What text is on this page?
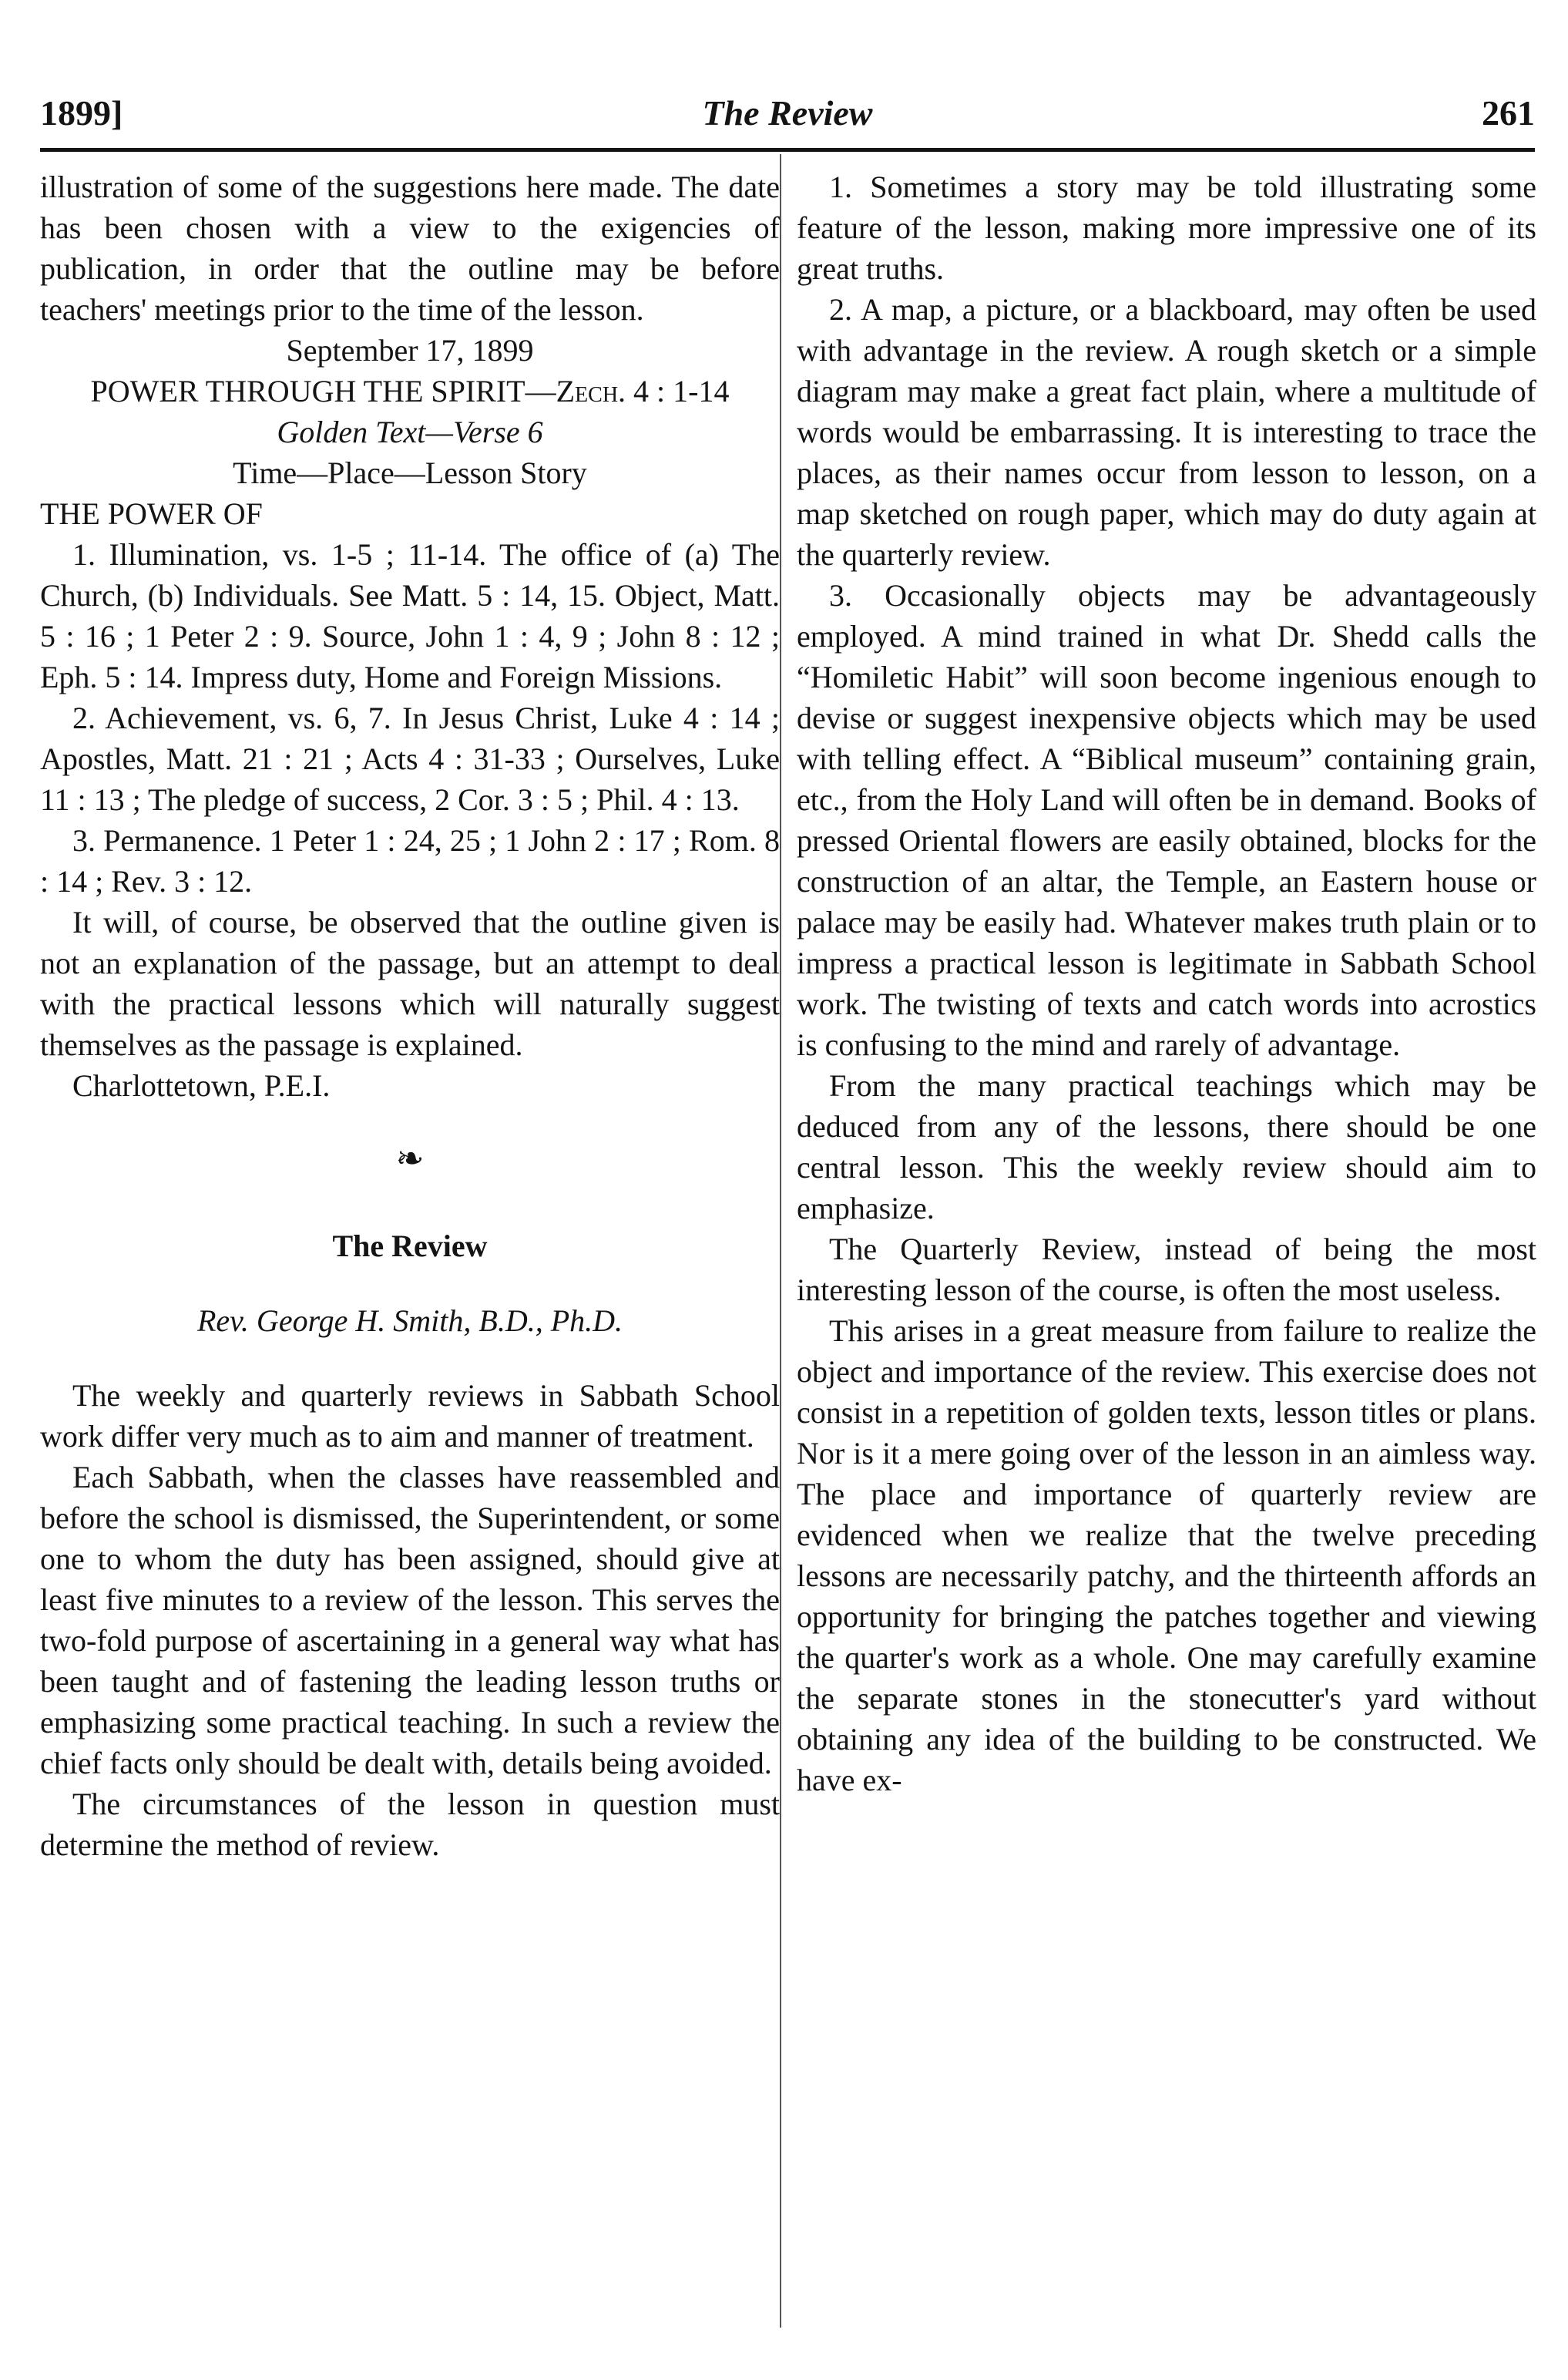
1899]	The Review	261

illustration of some of the suggestions here made. The date has been chosen with a view to the exigencies of publication, in order that the outline may be before teachers' meetings prior to the time of the lesson.

September 17, 1899

POWER THROUGH THE SPIRIT—Zech. 4 : 1-14

Golden Text—Verse 6

Time—Place—Lesson Story

THE POWER OF

1. Illumination, vs. 1-5 ; 11-14. The office of (a) The Church, (b) Individuals. See Matt. 5 : 14, 15. Object, Matt. 5 : 16 ; 1 Peter 2 : 9. Source, John 1 : 4, 9 ; John 8 : 12 ; Eph. 5 : 14. Impress duty, Home and Foreign Missions.

2. Achievement, vs. 6, 7. In Jesus Christ, Luke 4 : 14 ; Apostles, Matt. 21 : 21 ; Acts 4 : 31-33 ; Ourselves, Luke 11 : 13 ; The pledge of success, 2 Cor. 3 : 5 ; Phil. 4 : 13.

3. Permanence. 1 Peter 1 : 24, 25 ; 1 John 2 : 17 ; Rom. 8 : 14 ; Rev. 3 : 12.

It will, of course, be observed that the outline given is not an explanation of the passage, but an attempt to deal with the practical lessons which will naturally suggest themselves as the passage is explained.

Charlottetown, P.E.I.

❧

The Review

Rev. George H. Smith, B.D., Ph.D.

The weekly and quarterly reviews in Sabbath School work differ very much as to aim and manner of treatment.

Each Sabbath, when the classes have reassembled and before the school is dismissed, the Superintendent, or some one to whom the duty has been assigned, should give at least five minutes to a review of the lesson. This serves the two-fold purpose of ascertaining in a general way what has been taught and of fastening the leading lesson truths or emphasizing some practical teaching. In such a review the chief facts only should be dealt with, details being avoided.

The circumstances of the lesson in question must determine the method of review.

1. Sometimes a story may be told illustrating some feature of the lesson, making more impressive one of its great truths.

2. A map, a picture, or a blackboard, may often be used with advantage in the review. A rough sketch or a simple diagram may make a great fact plain, where a multitude of words would be embarrassing. It is interesting to trace the places, as their names occur from lesson to lesson, on a map sketched on rough paper, which may do duty again at the quarterly review.

3. Occasionally objects may be advantageously employed. A mind trained in what Dr. Shedd calls the “Homiletic Habit” will soon become ingenious enough to devise or suggest inexpensive objects which may be used with telling effect. A “Biblical museum” containing grain, etc., from the Holy Land will often be in demand. Books of pressed Oriental flowers are easily obtained, blocks for the construction of an altar, the Temple, an Eastern house or palace may be easily had. Whatever makes truth plain or to impress a practical lesson is legitimate in Sabbath School work. The twisting of texts and catch words into acrostics is confusing to the mind and rarely of advantage.

From the many practical teachings which may be deduced from any of the lessons, there should be one central lesson. This the weekly review should aim to emphasize.

The Quarterly Review, instead of being the most interesting lesson of the course, is often the most useless.

This arises in a great measure from failure to realize the object and importance of the review. This exercise does not consist in a repetition of golden texts, lesson titles or plans. Nor is it a mere going over of the lesson in an aimless way. The place and importance of quarterly review are evidenced when we realize that the twelve preceding lessons are necessarily patchy, and the thirteenth affords an opportunity for bringing the patches together and viewing the quarter's work as a whole. One may carefully examine the separate stones in the stonecutter's yard without obtaining any idea of the building to be constructed. We have ex-
